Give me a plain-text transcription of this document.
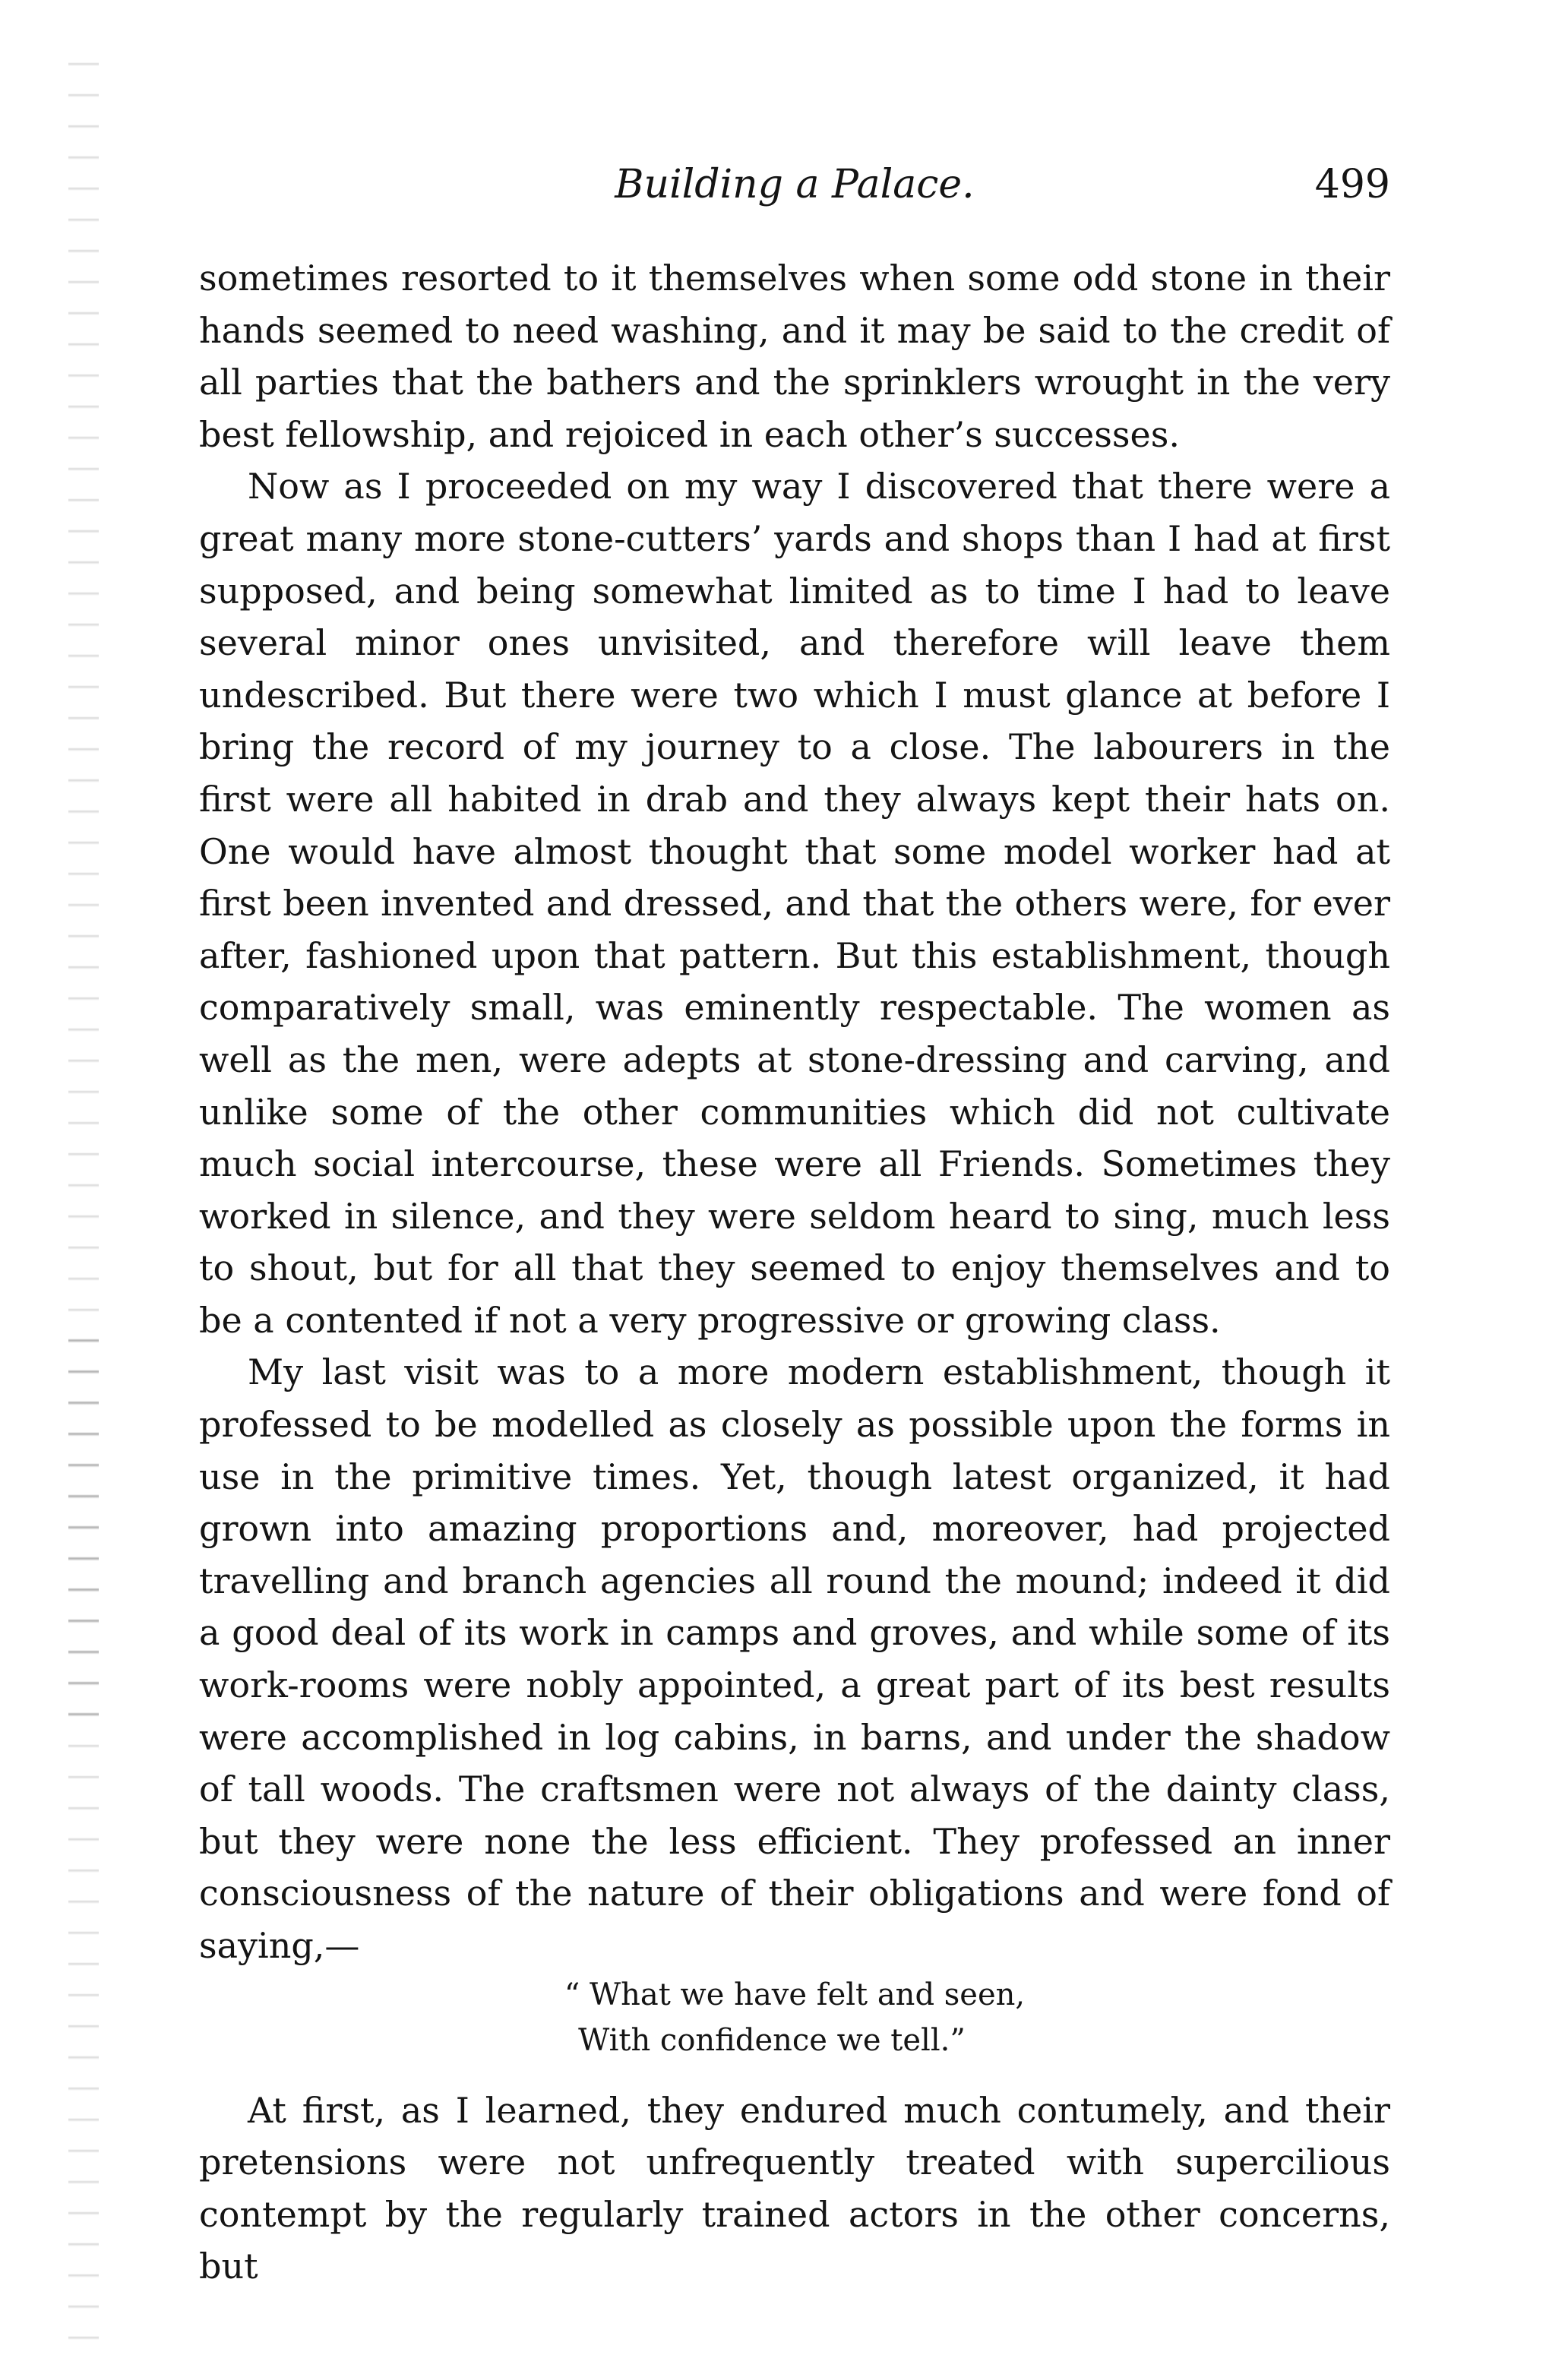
Building a Palace.	499

sometimes resorted to it themselves when some odd stone in their hands seemed to need washing, and it may be said to the credit of all parties that the bathers and the sprinklers wrought in the very best fellowship, and rejoiced in each other’s successes.

Now as I proceeded on my way I discovered that there were a great many more stone-cutters’ yards and shops than I had at first supposed, and being somewhat limited as to time I had to leave several minor ones unvisited, and therefore will leave them undescribed. But there were two which I must glance at before I bring the record of my journey to a close. The labourers in the first were all habited in drab and they always kept their hats on. One would have almost thought that some model worker had at first been invented and dressed, and that the others were, for ever after, fashioned upon that pattern. But this establishment, though comparatively small, was eminently respectable. The women as well as the men, were adepts at stone-dressing and carving, and unlike some of the other communities which did not cultivate much social intercourse, these were all Friends. Sometimes they worked in silence, and they were seldom heard to sing, much less to shout, but for all that they seemed to enjoy themselves and to be a contented if not a very progressive or growing class.

My last visit was to a more modern establishment, though it professed to be modelled as closely as possible upon the forms in use in the primitive times. Yet, though latest organized, it had grown into amazing proportions and, moreover, had projected travelling and branch agencies all round the mound; indeed it did a good deal of its work in camps and groves, and while some of its work-rooms were nobly appointed, a great part of its best results were accomplished in log cabins, in barns, and under the shadow of tall woods. The craftsmen were not always of the dainty class, but they were none the less efficient. They professed an inner consciousness of the nature of their obligations and were fond of saying,—

“ What we have felt and seen,
With confidence we tell.”

At first, as I learned, they endured much contumely, and their pretensions were not unfrequently treated with supercilious contempt by the regularly trained actors in the other concerns, but
